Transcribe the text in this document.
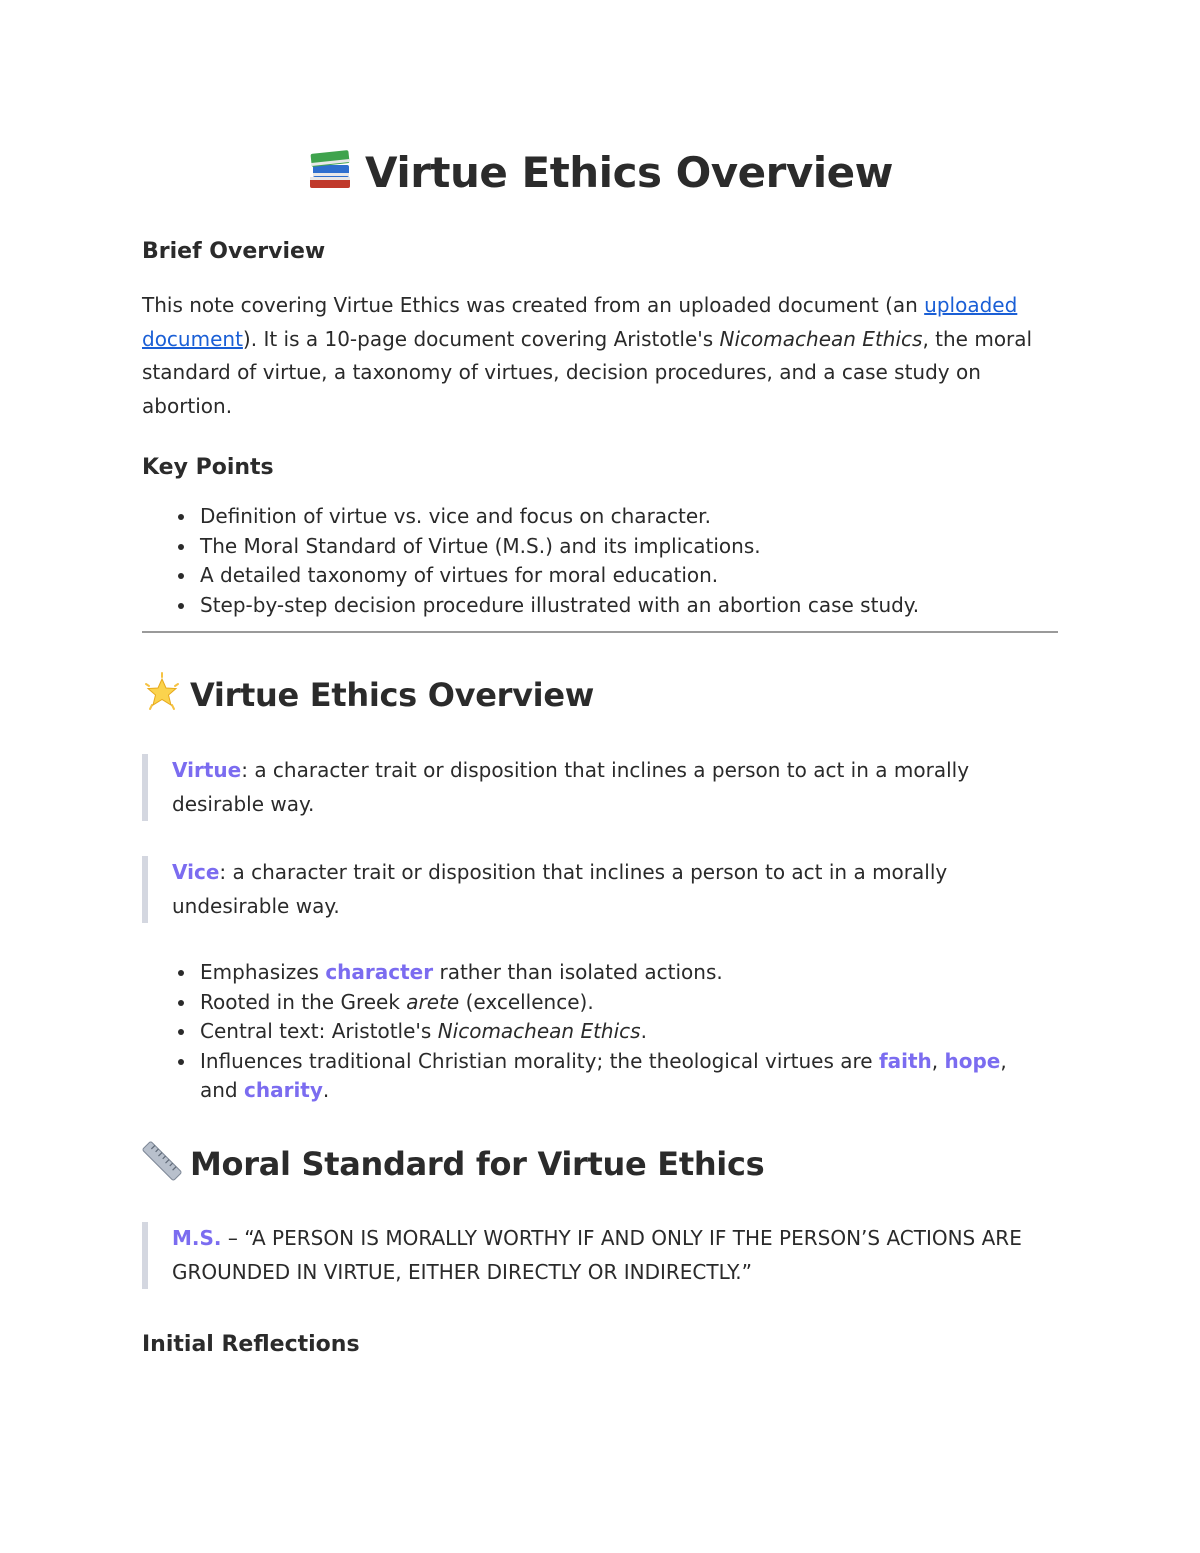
Virtue Ethics Overview
Brief Overview

This note covering Virtue Ethics was created from an uploaded document (an uploaded document). It is a 10-page document covering Aristotle's Nicomachean Ethics, the moral standard of virtue, a taxonomy of virtues, decision procedures, and a case study on abortion.

Key Points
Definition of virtue vs. vice and focus on character.
The Moral Standard of Virtue (M.S.) and its implications.
A detailed taxonomy of virtues for moral education.
Step-by-step decision procedure illustrated with an abortion case study.
Virtue Ethics Overview
Virtue: a character trait or disposition that inclines a person to act in a morally desirable way.
Vice: a character trait or disposition that inclines a person to act in a morally undesirable way.
Emphasizes character rather than isolated actions.
Rooted in the Greek arete (excellence).
Central text: Aristotle's Nicomachean Ethics.
Influences traditional Christian morality; the theological virtues are faith, hope, and charity.
Moral Standard for Virtue Ethics
M.S. – “A PERSON IS MORALLY WORTHY IF AND ONLY IF THE PERSON’S ACTIONS ARE GROUNDED IN VIRTUE, EITHER DIRECTLY OR INDIRECTLY.”
Initial Reflections
